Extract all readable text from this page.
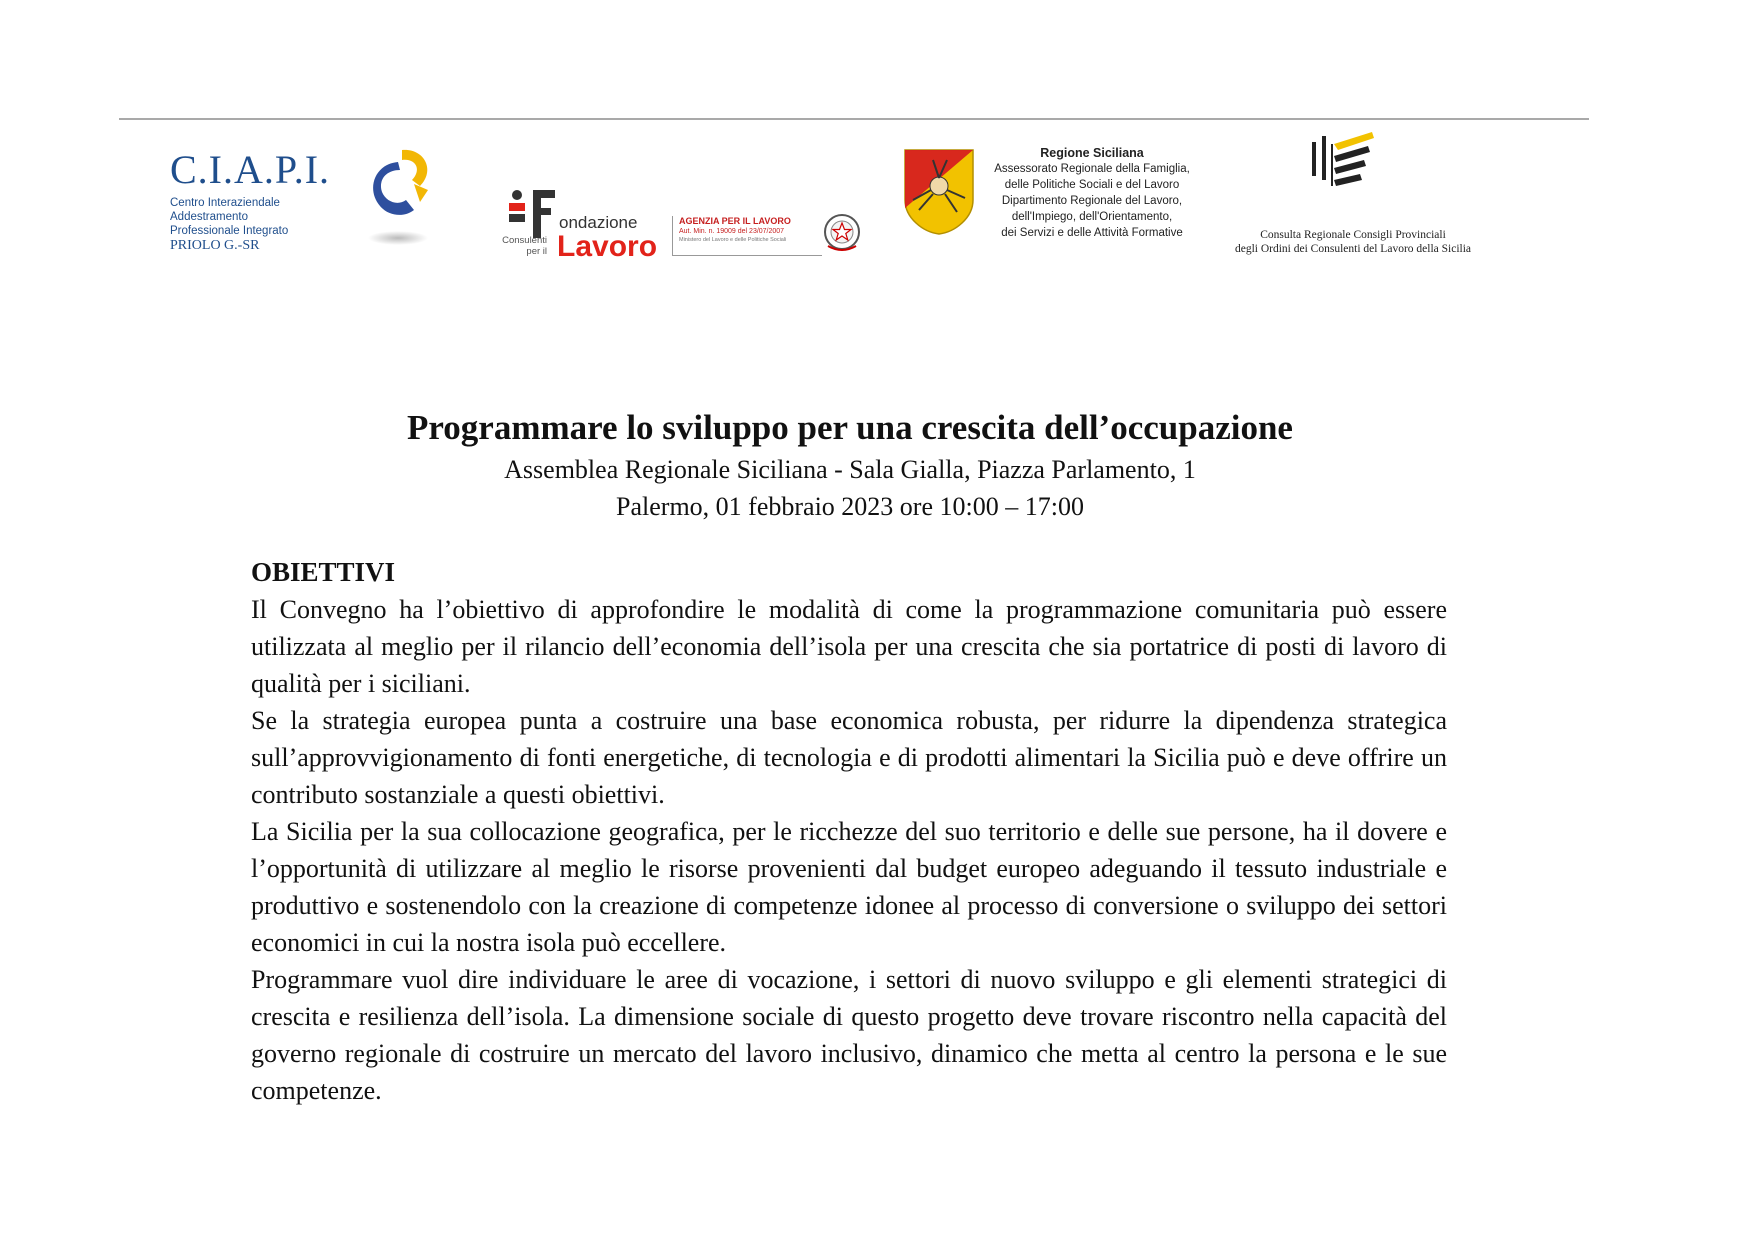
C.I.A.P.I.
Centro Interaziendale
Addestramento
Professionale Integrato
PRIOLO G.-SR
ondazione
Lavoro
Consulenti
per il
AGENZIA PER IL LAVORO
Aut. Min. n. 19009 del 23/07/2007
Ministero del Lavoro e delle Politiche Sociali
Regione Siciliana
Assessorato Regionale della Famiglia,
delle Politiche Sociali e del Lavoro
Dipartimento Regionale del Lavoro,
dell'Impiego, dell'Orientamento,
dei Servizi e delle Attività Formative	Consulta Regionale Consigli Provinciali
degli Ordini dei Consulenti del Lavoro della Sicilia
Programmare lo sviluppo per una crescita dell’occupazione
Assemblea Regionale Siciliana - Sala Gialla, Piazza Parlamento, 1
Palermo, 01 febbraio 2023 ore 10:00 – 17:00
OBIETTIVI

Il Convegno ha l’obiettivo di approfondire le modalità di come la programmazione comunitaria può essere utilizzata al meglio per il rilancio dell’economia dell’isola per una crescita che sia portatrice di posti di lavoro di qualità per i siciliani.

Se la strategia europea punta a costruire una base economica robusta, per ridurre la dipendenza strategica sull’approvvigionamento di fonti energetiche, di tecnologia e di prodotti alimentari la Sicilia può e deve offrire un contributo sostanziale a questi obiettivi.

La Sicilia per la sua collocazione geografica, per le ricchezze del suo territorio e delle sue persone, ha il dovere e l’opportunità di utilizzare al meglio le risorse provenienti dal budget europeo adeguando il tessuto industriale e produttivo e sostenendolo con la creazione di competenze idonee al processo di conversione o sviluppo dei settori economici in cui la nostra isola può eccellere.

Programmare vuol dire individuare le aree di vocazione, i settori di nuovo sviluppo e gli elementi strategici di crescita e resilienza dell’isola. La dimensione sociale di questo progetto deve trovare riscontro nella capacità del governo regionale di costruire un mercato del lavoro inclusivo, dinamico che metta al centro la persona e le sue competenze.
